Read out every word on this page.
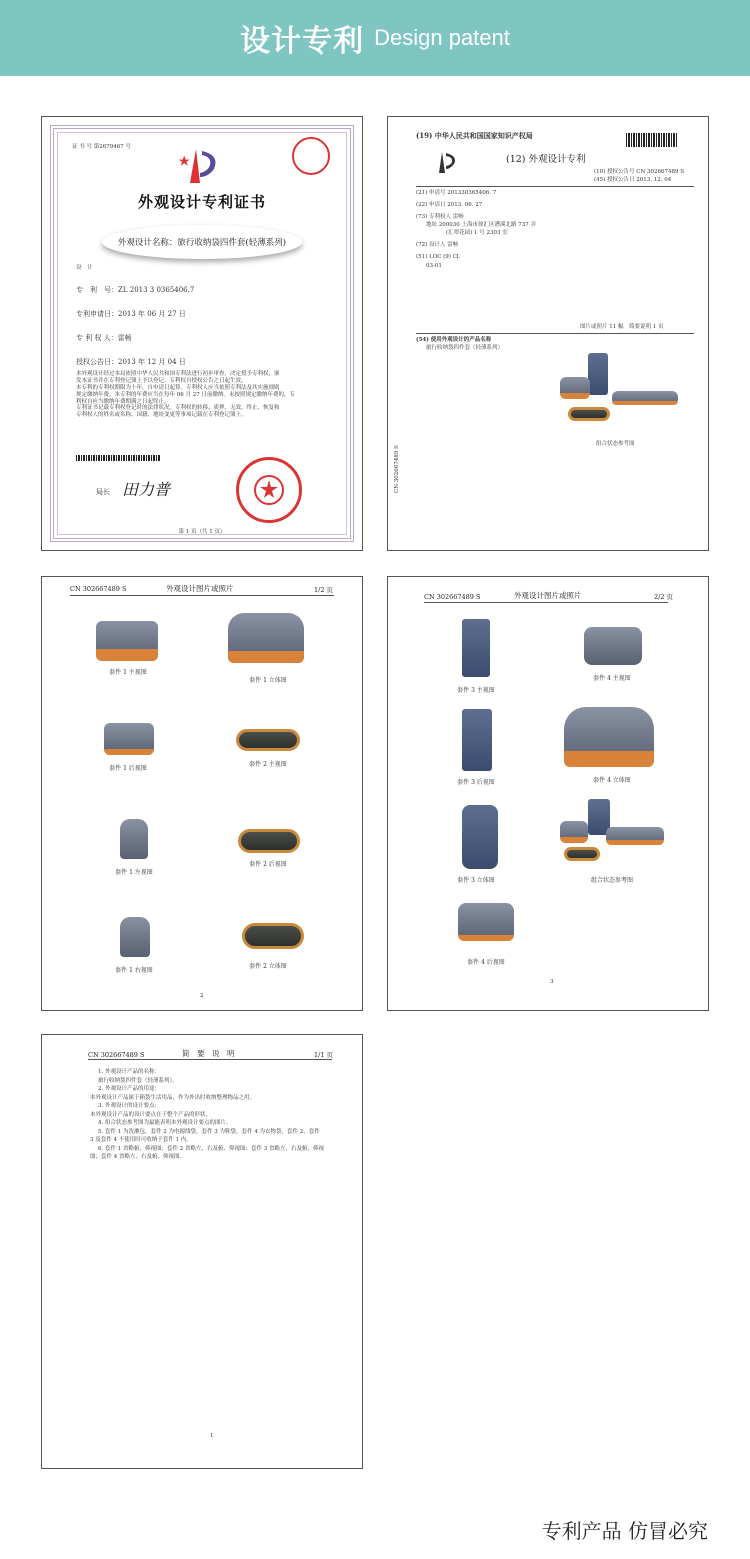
设计专利 Design patent
证 书 号 第2679467 号
外观设计专利证书
外观设计名称：旅行收纳袋四件套(轻薄系列)
设　计
专　利　号：ZL 2013 3 0365406.7
专利申请日：2013 年 06 月 27 日
专 利 权 人：雷畅
授权公告日：2013 年 12 月 04 日
本外观设计经过本局依照中华人民共和国专利法进行初步审查，决定授予专利权，颁
发本证书并在专利登记簿上予以登记。专利权自授权公告之日起生效。
本专利的专利权期限为十年，自申请日起算。专利权人应当依照专利法及其实施细则
规定缴纳年费。本专利的年费应当在每年 06 月 27 日前缴纳。未按照规定缴纳年费的，专
利权自应当缴纳年费期满之日起终止。
专利证书记载专利权登记时的法律状况。专利权的转移、质押、无效、终止、恢复和
专利权人的姓名或名称、国籍、地址变更等事项记载在专利登记簿上。
局长 田力普
第 1 页（共 1 页）
(19) 中华人民共和国国家知识产权局
(12) 外观设计专利
(10) 授权公告号 CN 302667489 S
(45) 授权公告日 2013. 12. 04
(21) 申请号 201330365406. 7
(22) 申请日 2013. 06. 27
(73) 专利权人 雷畅
地址 200030 上海市徐汇区漕溪北路 737 弄
(汇翠花园) 1 号 2303 室
(72) 设计人 雷畅
(51) LOC (9) Cl.
03-01
图片或照片 11 幅　简要说明 1 页
(54) 使用外观设计的产品名称
旅行收纳袋四件套（轻薄系列）
组合状态参考图
CN 302667489 S
CN 302667489 S	外观设计图片或照片	1/2 页
套件 1 主视图
套件 1 立体图
套件 1 后视图
套件 2 主视图
套件 1 左视图
套件 2 后视图
套件 1 右视图
套件 2 立体图
2
CN 302667489 S	外观设计图片或照片	2/2 页
套件 3 主视图
套件 4 主视图
套件 3 后视图	套件 4 立体图
套件 3 立体图	组合状态参考图
套件 4 后视图
3
CN 302667489 S	简　要　说　明	1/1 页
1. 外观设计产品的名称：
旅行收纳袋四件套（轻薄系列）。
2. 外观设计产品的用途：
本外观设计产品属于箱袋生活用品，作为外出时收纳整理物品之用。
3. 外观设计的设计要点：
本外观设计产品的设计要点在于整个产品的形状。
4. 组合状态参考图为最能表明本外观设计要点的图片。
5. 套件 1 为洗漱包，套件 2 为电源线袋，套件 3 为鞋袋，套件 4 为衣物袋，套件 2、套件
3 及套件 4 不使用时可收纳于套件 1 内。
6. 套件 1 省略俯、仰视图；套件 2 省略左、右及俯、仰视图；套件 3 省略左、右及俯、仰视
图；套件 4 省略左、右及俯、仰视图。
1
专利产品 仿冒必究
